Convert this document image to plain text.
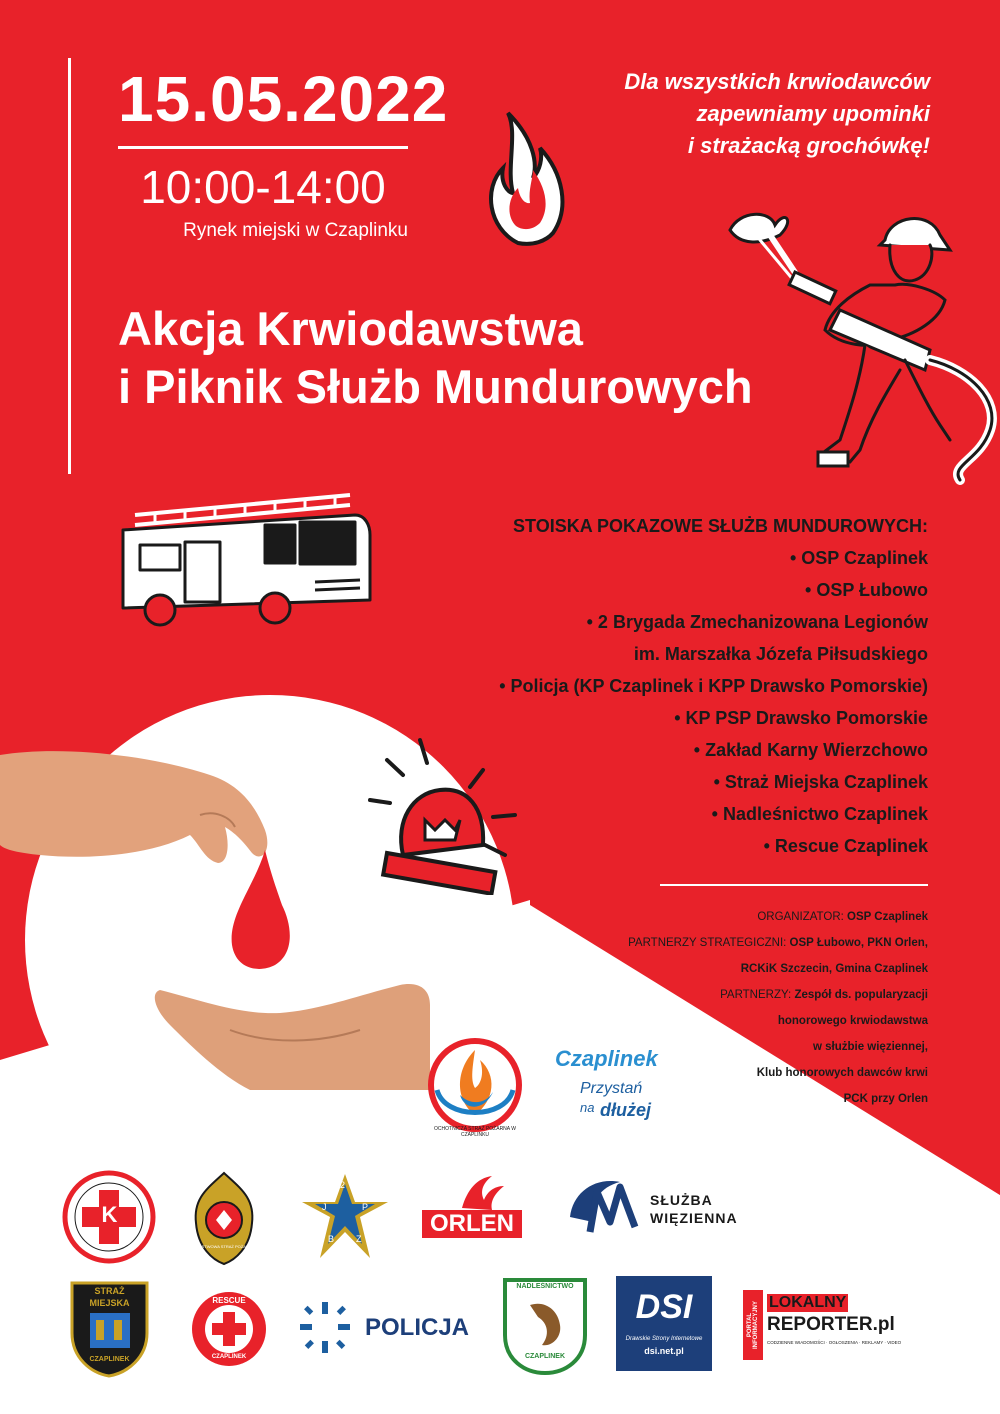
15.05.2022
10:00-14:00
Rynek miejski w Czaplinku
Akcja Krwiodawstwa
i Piknik Służb Mundurowych
Dla wszystkich krwiodawców
zapewniamy upominki
i strażacką grochówkę!
STOISKA POKAZOWE SŁUŻB MUNDUROWYCH:
• OSP Czaplinek
• OSP Łubowo
• 2 Brygada Zmechanizowana Legionów
im. Marszałka Józefa Piłsudskiego
• Policja (KP Czaplinek i KPP Drawsko Pomorskie)
• KP PSP Drawsko Pomorskie
• Zakład Karny Wierzchowo
• Straż Miejska Czaplinek
• Nadleśnictwo Czaplinek
• Rescue Czaplinek
ORGANIZATOR: OSP Czaplinek
PARTNERZY STRATEGICZNI: OSP Łubowo, PKN Orlen,
RCKiK Szczecin, Gmina Czaplinek
PARTNERZY: Zespół ds. popularyzacji
honorowego krwiodawstwa
w służbie więziennej,
Klub honorowych dawców krwi
PCK przy Orlen
OCHOTNICZA STRAŻ POŻARNA W CZAPLINKU
Czaplinek
Przystań
na dłużej
K
PAŃSTWOWA STRAŻ POŻARNA
2
J	P
B Z
ORLEN
SŁUŻBA
WIĘZIENNA
STRAŻ
MIEJSKA
CZAPLINEK
RESCUE
CZAPLINEK
POLICJA
NADLEŚNICTWO
CZAPLINEK
DSI
Drawskie Strony Internetowe
dsi.net.pl
PORTAL INFORMACYJNY LOKALNY
REPORTER.pl
CODZIENNE WIADOMOŚCI · OGŁOSZENIA · REKLAMY · VIDEO
